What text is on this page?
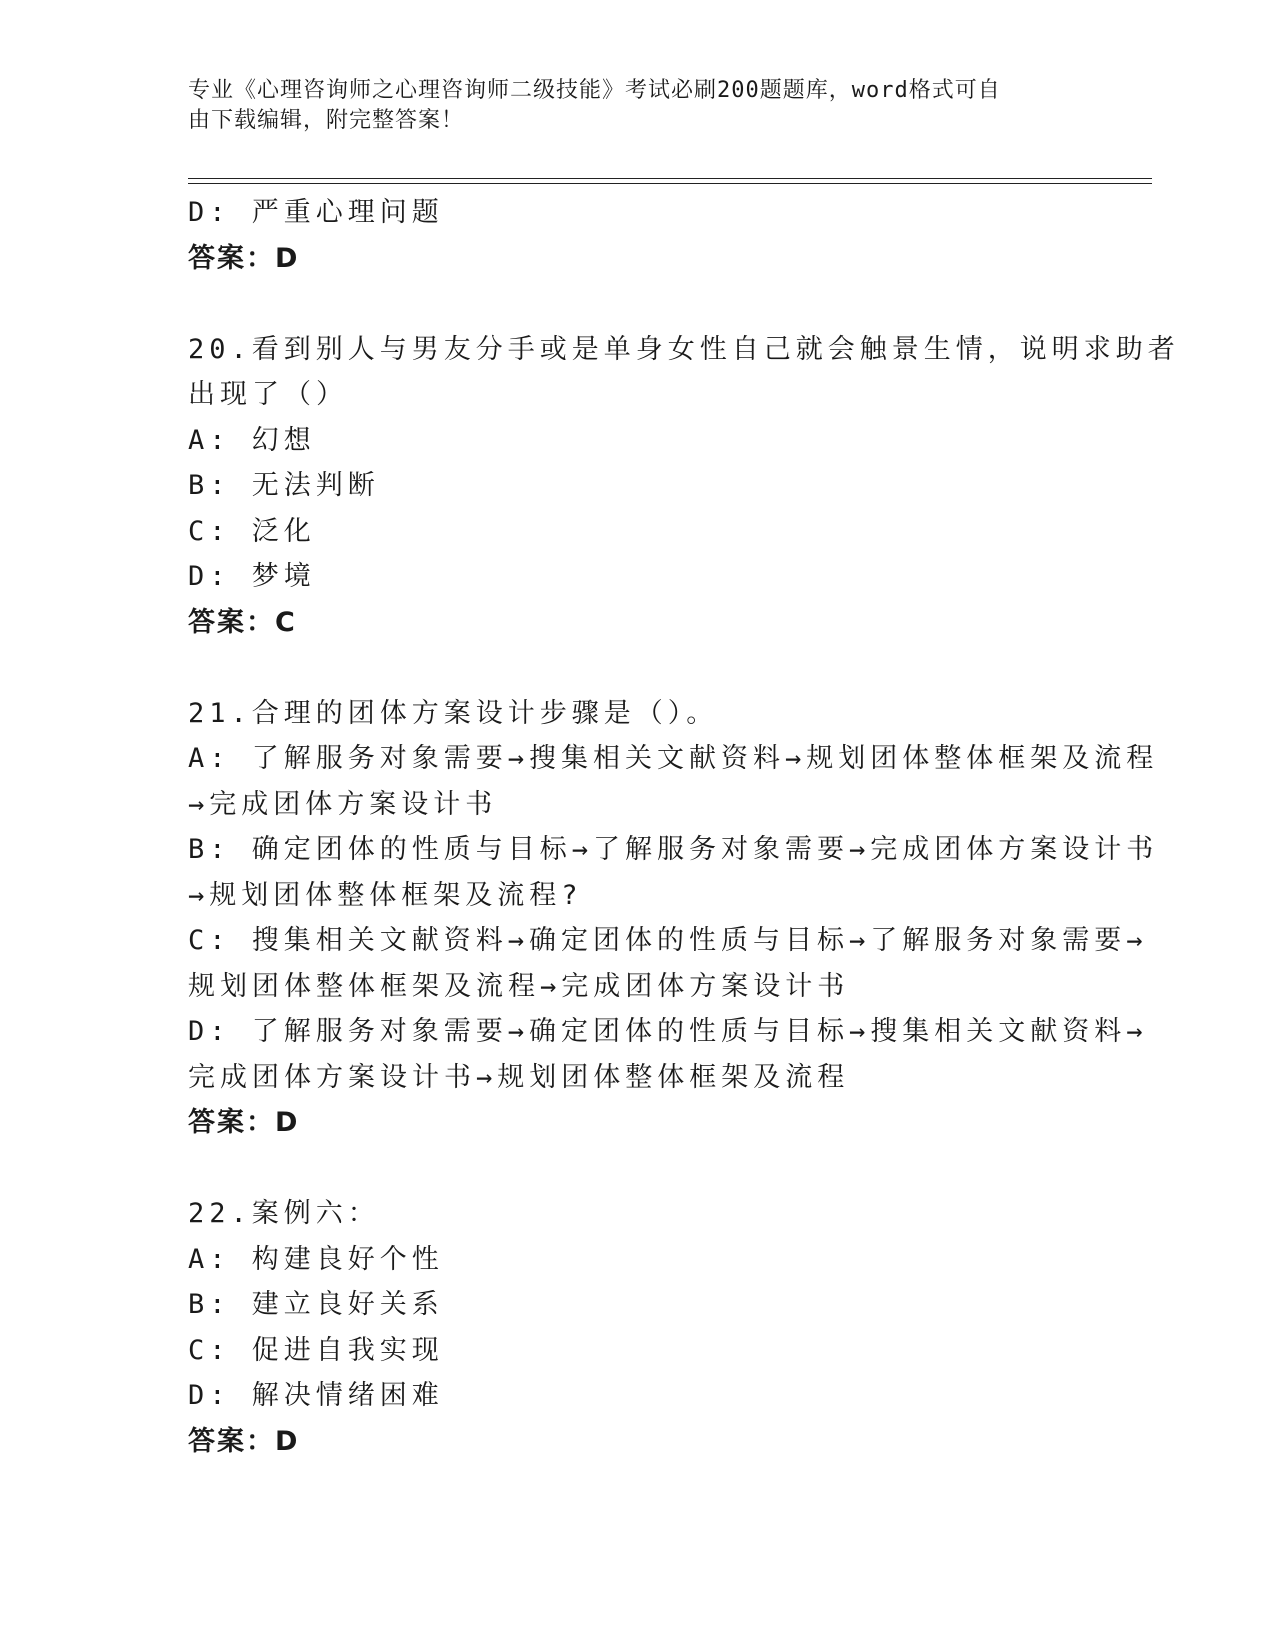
专业《心理咨询师之心理咨询师二级技能》考试必刷200题题库，word格式可自
由下载编辑，附完整答案！
D: 严重心理问题
答案：D
20.看到别人与男友分手或是单身女性自己就会触景生情，说明求助者
出现了（）
A: 幻想
B: 无法判断
C: 泛化
D: 梦境
答案：C
21.合理的团体方案设计步骤是（）。
A: 了解服务对象需要→搜集相关文献资料→规划团体整体框架及流程
→完成团体方案设计书
B: 确定团体的性质与目标→了解服务对象需要→完成团体方案设计书
→规划团体整体框架及流程?
C: 搜集相关文献资料→确定团体的性质与目标→了解服务对象需要→
规划团体整体框架及流程→完成团体方案设计书
D: 了解服务对象需要→确定团体的性质与目标→搜集相关文献资料→
完成团体方案设计书→规划团体整体框架及流程
答案：D
22.案例六：
A: 构建良好个性
B: 建立良好关系
C: 促进自我实现
D: 解决情绪困难
答案：D
